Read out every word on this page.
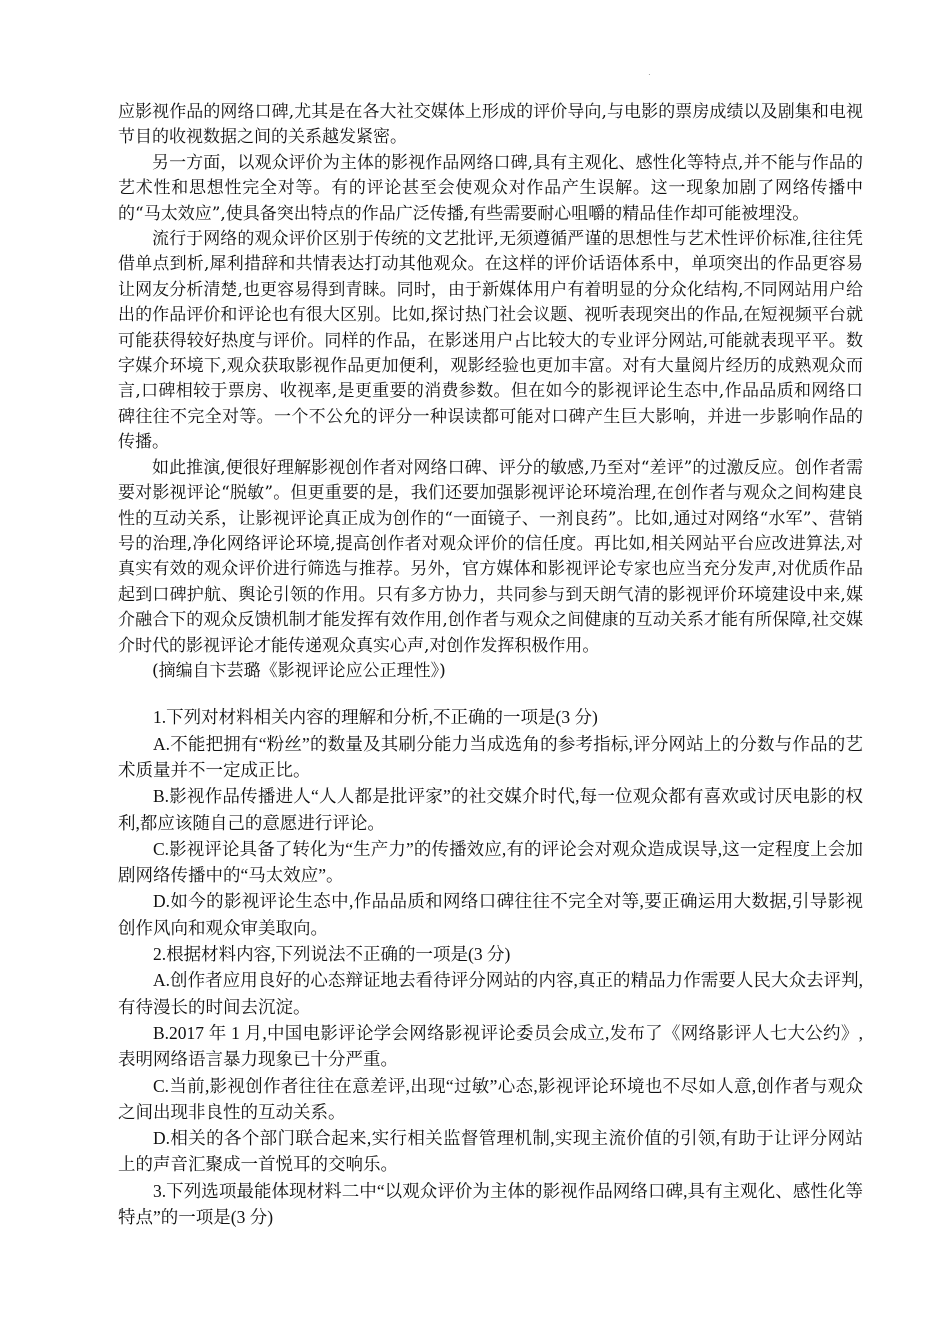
·

应影视作品的网络口碑,尤其是在各大社交媒体上形成的评价导向,与电影的票房成绩以及剧集和电视节目的收视数据之间的关系越发紧密。

另一方面，以观众评价为主体的影视作品网络口碑,具有主观化、感性化等特点,并不能与作品的艺术性和思想性完全对等。有的评论甚至会使观众对作品产生误解。这一现象加剧了网络传播中的“马太效应”,使具备突出特点的作品广泛传播,有些需要耐心咀嚼的精品佳作却可能被埋没。

流行于网络的观众评价区别于传统的文艺批评,无须遵循严谨的思想性与艺术性评价标准,往往凭借单点到析,犀利措辞和共情表达打动其他观众。在这样的评价话语体系中，单项突出的作品更容易让网友分析清楚,也更容易得到青睐。同时，由于新媒体用户有着明显的分众化结构,不同网站用户给出的作品评价和评论也有很大区别。比如,探讨热门社会议题、视听表现突出的作品,在短视频平台就可能获得较好热度与评价。同样的作品，在影迷用户占比较大的专业评分网站,可能就表现平平。数字媒介环境下,观众获取影视作品更加便利，观影经验也更加丰富。对有大量阅片经历的成熟观众而言,口碑相较于票房、收视率,是更重要的消费参数。但在如今的影视评论生态中,作品品质和网络口碑往往不完全对等。一个不公允的评分一种误读都可能对口碑产生巨大影响，并进一步影响作品的传播。

如此推演,便很好理解影视创作者对网络口碑、评分的敏感,乃至对“差评”的过激反应。创作者需要对影视评论“脱敏”。但更重要的是，我们还要加强影视评论环境治理,在创作者与观众之间构建良性的互动关系，让影视评论真正成为创作的“一面镜子、一剂良药”。比如,通过对网络“水军”、营销号的治理,净化网络评论环境,提高创作者对观众评价的信任度。再比如,相关网站平台应改进算法,对真实有效的观众评价进行筛选与推荐。另外，官方媒体和影视评论专家也应当充分发声,对优质作品起到口碑护航、舆论引领的作用。只有多方协力，共同参与到天朗气清的影视评价环境建设中来,媒介融合下的观众反馈机制才能发挥有效作用,创作者与观众之间健康的互动关系才能有所保障,社交媒介时代的影视评论才能传递观众真实心声,对创作发挥积极作用。

(摘编自卞芸璐《影视评论应公正理性》)

1.下列对材料相关内容的理解和分析,不正确的一项是(3 分)

A.不能把拥有“粉丝”的数量及其刷分能力当成选角的参考指标,评分网站上的分数与作品的艺术质量并不一定成正比。

B.影视作品传播进人“人人都是批评家”的社交媒介时代,每一位观众都有喜欢或讨厌电影的权利,都应该随自己的意愿进行评论。

C.影视评论具备了转化为“生产力”的传播效应,有的评论会对观众造成误导,这一定程度上会加剧网络传播中的“马太效应”。

D.如今的影视评论生态中,作品品质和网络口碑往往不完全对等,要正确运用大数据,引导影视创作风向和观众审美取向。

2.根据材料内容,下列说法不正确的一项是(3 分)

A.创作者应用良好的心态辩证地去看待评分网站的内容,真正的精品力作需要人民大众去评判,有待漫长的时间去沉淀。

B.2017 年 1 月,中国电影评论学会网络影视评论委员会成立,发布了《网络影评人七大公约》,表明网络语言暴力现象已十分严重。

C.当前,影视创作者往往在意差评,出现“过敏”心态,影视评论环境也不尽如人意,创作者与观众之间出现非良性的互动关系。

D.相关的各个部门联合起来,实行相关监督管理机制,实现主流价值的引领,有助于让评分网站上的声音汇聚成一首悦耳的交响乐。

3.下列选项最能体现材料二中“以观众评价为主体的影视作品网络口碑,具有主观化、感性化等特点”的一项是(3 分)
